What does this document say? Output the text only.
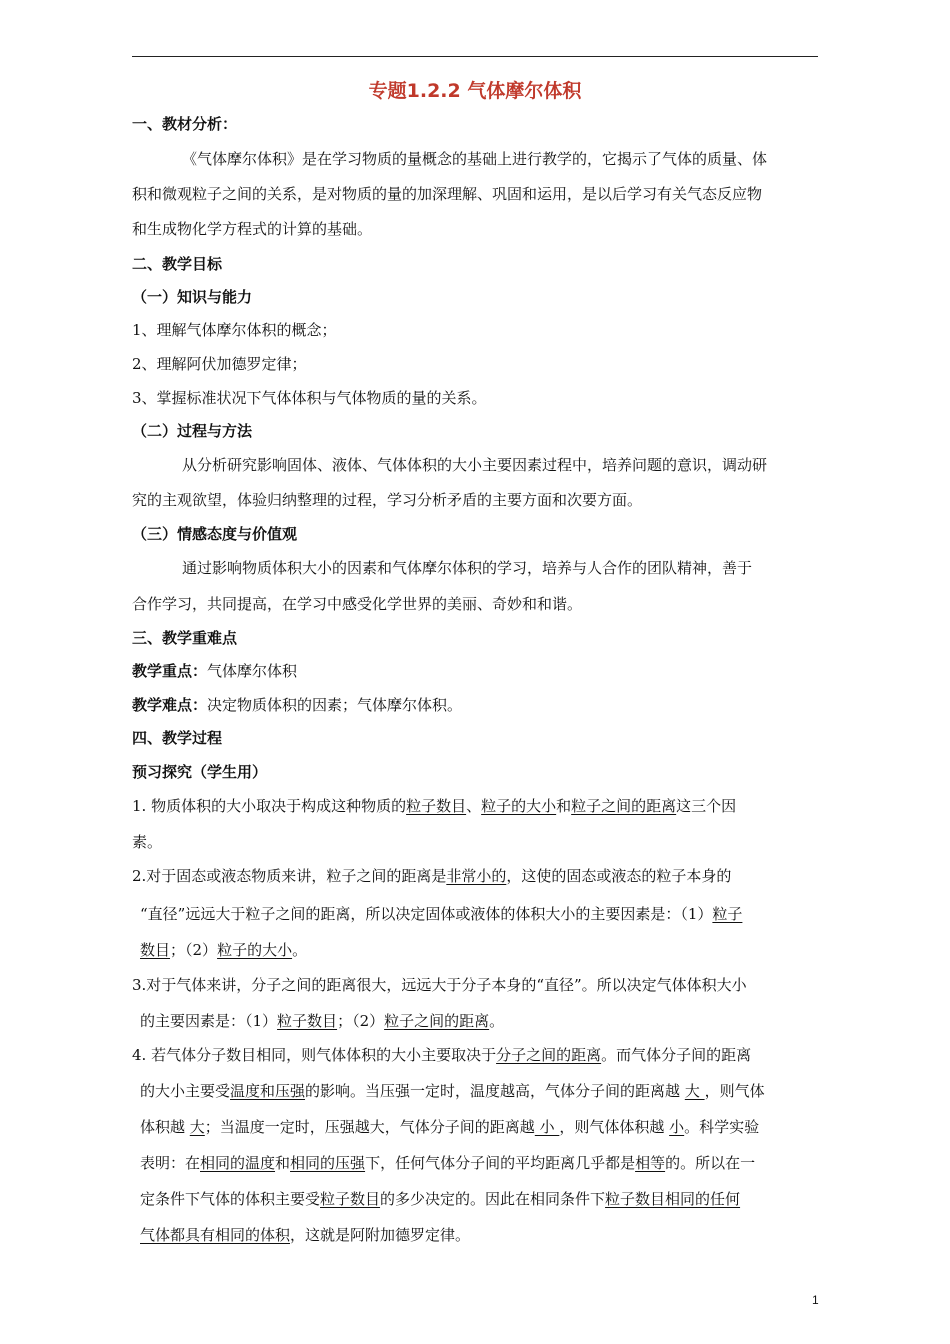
专题1.2.2 气体摩尔体积
一、教材分析：
《气体摩尔体积》是在学习物质的量概念的基础上进行教学的，它揭示了气体的质量、体
积和微观粒子之间的关系，是对物质的量的加深理解、巩固和运用，是以后学习有关气态反应物
和生成物化学方程式的计算的基础。
二、教学目标
（一）知识与能力
1、理解气体摩尔体积的概念；
2、理解阿伏加德罗定律；
3、掌握标准状况下气体体积与气体物质的量的关系。
（二）过程与方法
从分析研究影响固体、液体、气体体积的大小主要因素过程中，培养问题的意识，调动研
究的主观欲望，体验归纳整理的过程，学习分析矛盾的主要方面和次要方面。
（三）情感态度与价值观
通过影响物质体积大小的因素和气体摩尔体积的学习，培养与人合作的团队精神，善于
合作学习，共同提高，在学习中感受化学世界的美丽、奇妙和和谐。
三、教学重难点
教学重点：气体摩尔体积
教学难点：决定物质体积的因素；气体摩尔体积。
四、教学过程
预习探究（学生用）
1. 物质体积的大小取决于构成这种物质的粒子数目、粒子的大小和粒子之间的距离这三个因
素。
2.对于固态或液态物质来讲，粒子之间的距离是非常小的，这使的固态或液态的粒子本身的
“直径”远远大于粒子之间的距离，所以决定固体或液体的体积大小的主要因素是：（1）粒子
数目；（2）粒子的大小。
3.对于气体来讲，分子之间的距离很大，远远大于分子本身的“直径”。所以决定气体体积大小
的主要因素是：（1）粒子数目；（2）粒子之间的距离。
4. 若气体分子数目相同，则气体体积的大小主要取决于分子之间的距离。而气体分子间的距离
的大小主要受温度和压强的影响。当压强一定时，温度越高，气体分子间的距离越 大 ，则气体
体积越 大；当温度一定时，压强越大，气体分子间的距离越 小 ，则气体体积越 小。科学实验
表明：在相同的温度和相同的压强下，任何气体分子间的平均距离几乎都是相等的。所以在一
定条件下气体的体积主要受粒子数目的多少决定的。因此在相同条件下粒子数目相同的任何
气体都具有相同的体积，这就是阿附加德罗定律。
1
